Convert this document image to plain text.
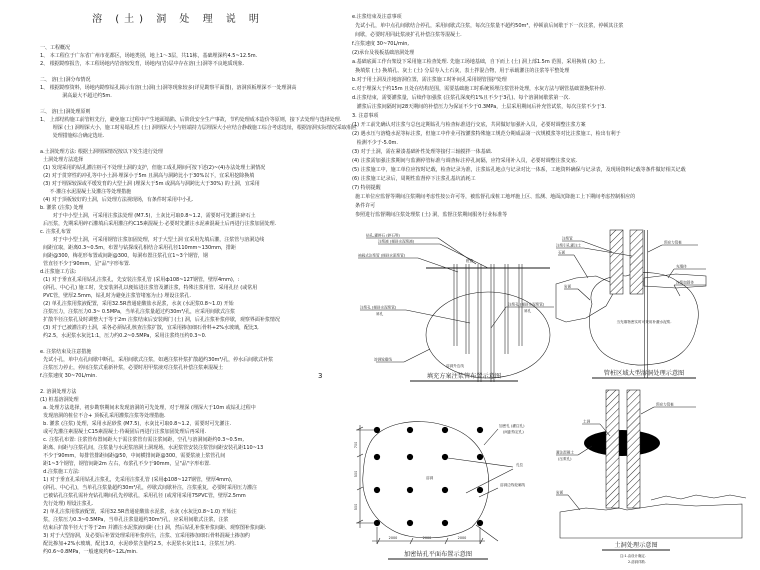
溶 (土) 洞 处 理 说 明
一、工程概况
1、 本工程位于广东省广州市花都区，场地类别，地上1～3层，共11栋，基础埋深约4.5~12.5m.
2、 根据勘察报告，本工程场地内岩溶较发育，场地内(岩)层中存在溶(土)洞等不良地质现象.
二、 溶(土)洞分布情况
1、 根据勘察资料，场地内勘察钻孔揭示有溶(土)洞(土)洞等现象较多(详见勘察平面图)，溶洞顶板埋深不一处理洞高
洞高最大不超过约5m.
三、 溶(土)洞处理原则
1、 上部结构施工前管桩先行，避免施工过程中产生地面塌陷、后阶段安全生产事故，节约处理成本造价等原则，接下去处理与选择处理.
埋深 (土) 洞埋深大小，施工时易塌孔性 (土) 洞埋深大小与桩端持力层埋深大小应结合静载施工综合考虑选址，根据溶洞实际情况采取相应
处理措施综合确定选址.
a.土洞处理方法: 根据土洞埋深情况按以下发生进行处理
土洞处理方法选择
(1) 发现采用的钻孔灌注桩可不处理土洞的支护，但施工成孔期间可按下述(2)~(4)办法处理土洞情况
(2) 对于贯穿性的冲孔等中小土洞·埋深小于5m 且洞高与洞跨比小于30%以下，宜采用挖除换填
(3) 对于埋深较深或平缓发育的大型土洞 (埋深大于5m 或洞高与洞跨比大于30%) 的土洞，宜采用
不·灌注水泥混凝土及灌注等处理措施
(4) 对于顶板较好的土洞，后处理方法视现场，有条件时采用中小孔.
b. 灌浆 (注浆) 处理
对于中小型土洞，可采用注浆法处理 (M7.5)，土灰比可取0.8~1.2，需要时可先灌注碎石土
后压浆，先期采用碎石灌填后采用灌注约C15素混凝土·必要时先灌注水泥素混凝土后再进行注浆加固处理.
c. 注浆孔布置
对于中小型土洞，可采用钢管注浆加固处理，对于大型土洞 宜采用先填后灌，注浆管与溶洞边线
间距宜取，距离0.3~0.5m，布置与钻探成孔相结合采用孔径110mm~130mm，排距
间距@300，梅花形布置或间距@300，每洞布置注浆孔宜1~3个钢管，钢
管直径不少于90mm，呈"品"字形布置.
d.注浆施工方法:
(1) 对于垂直孔采用钻孔注浆孔，先安装注浆孔管 (采用ф108~127钢管，壁厚4mm)，:
(斜孔、中心孔) 施工时，先安装斜孔以便钻进注浆管及灌注浆，特殊注浆用管、采用孔径 (或常用
PVC管，壁厚2.5mm，钻孔时为避免注浆管堵塞为止) 埋设注浆孔.
(2) 单孔注浆用浆液配置，采用32.5R普通硅酸盐水泥浆，水灰 (水泥浆0.8~1.0) 开始
注浆压力，注浆压力0.3~ 0.5MPa，当单孔注浆量超过约30m³/孔，应采用间歇式注浆
扩散半径注浆孔及时调整大于等于2m 注浆结束后安装阀门 (土) 洞，后孔注浆补浆停歇，观察界面补浆情况
(3) 对于已被灌注的土洞，采各必须钻孔核查注浆扩散，宜采用掺加细石骨料+2%水玻璃，配比3,
约2.5，水泥浆水灰比1:1，压力约0.2~0.5MPa，采用注浆终压约0.3~0.
e. 注浆结束及注意措施
先试小孔，单中点孔间歇中断孔，采用间歇式注浆，如遇注浆补浆扩散超约30m³/孔，停水后间歇式补浆
注浆压力停止，停间注浆式重新补浆，必要时用甲浆液对注浆孔补偿注浆素混凝土
f.注浆速度 30~70L/min.
2. 溶洞处理方法
(1) 桩基溶洞处理
a. 处理方法选择，初步勘察期间未发现溶洞的可先处理，对于埋深 (埋深大于10m 或钻孔过程中
发现溶洞的桩位不合+ 顶板孔采用灌浆注浆等处理措施.
b. 灌浆 (注浆) 处理，采用水泥砂浆 (M7.5)，水灰比可取0.8~1.2，需要时可先灌注.
或可先灌注素混凝土C15素混凝土·待凝固后再进行注浆加固处理后再采用.
c. 注浆孔布置: 注浆管布置间距大于需注浆管有需注浆间距，空孔与溶洞间距约0.3~0.5m,
距离、间距与注浆孔间，注浆量与水泥浆溶洞土洞现场，水泥浆管安装注浆管间距安装孔距110~13
不少于90mm，每排管排距间距@50，中间横排间距@300，需要浆液上浆管孔间
距1~3个钢管，钢管间距2m 左右，布浆孔不少于90mm，呈"品"字形布置.
d.注浆施工方法:
1) 对于垂直孔采用钻孔注浆孔，先采用注浆孔管 (采用ф108~127钢管，壁厚4mm)，
(斜孔、中心孔)，当单孔注浆量超约30m³/孔，停歇式间歇补注，注浆重复，必要时采用压力灌注
已被钻孔注浆孔需补充钻孔期间孔先停歇孔，采用孔径 (或常用采用75PVC管，壁厚2.5mm
先行处理) 埋设注浆孔.
2) 单孔注浆用浆液配置，采用32.5R普通硅酸盐水泥浆，水灰 (水灰比0.8~1.0) 开始注
浆，注浆压力0.3~0.5MPa，当单孔注浆量超约30m³/孔，应采用间歇式注浆，注浆
结束后扩散半径大于等于2m 并灌注水泥浆液间距 (土) 洞，然后钻孔补浆补浆间距、观察图补浆间距.
3) 对于大型溶洞，及必要后补置处理采用补浆停注，注浆、宜采用掺加细石骨料混凝土掺加约
配比掺加+2%水玻璃，配比3.0，水泥砂浆含量约2.5，水泥浆水灰比1:1，注浆压力约.
约0.6~0.8MPa，一般速度约6~12L/min.
3
e.注浆结束及注意事项
先试小孔，单中点孔间歇结合停孔，采用间歇式注浆，每次注浆量不超约50m³，停顿前后间歇于下一次注浆，停顿其注浆
间歇，必要时用同此浆液扩孔补偿注浆等混凝土.
f.注浆速度 30~70L/min,
(2)承台及筏板基础溶洞处理
a.基础底面工作台架设下采用施工检查处理. 先施工场地基础，自下而上 (土) 洞上部1.5m 范围，采用换填 (灰) 土,
换填浆 (土) 换填孔、灰土 (土) 分层夯入土石灰，表土拌混合物，用于承载灌注的注浆等平整处理
b.对于用土洞及洼地溶洞位置，需注浆施工时补间孔采用钢管围护处理
c.对于埋深大于约15m 且处在结构范围，需要基础施工时系统预埋注浆管补处理，水灰方法与钢管基础置换浆补停.
d.注浆结束，需要灌浆量，后续作加强浆 (注浆孔深度约1%且不少于3孔)、每个溶洞间歇浆第一次.
灌浆后注浆间隔时间28天期间的补偿压力为保证不少于0.3MPa，土层采用期间后补充管试浆，每次注浆不少于3.
3. 注意事项
(1) 开工前先确认对注浆与总包定期钻孔与检查标准进行交底，共同做好加强补入员，必要时调整注浆方案
(2) 遇水压与溶缝水泥等标注浆，但施工中作业可按灌浆特殊施工规范分期成品第一次规模浆等对比注浆施工，检出有利于
检测不少于-5.0m.
(3) 对于土洞，需在紧凑基础补性处理等接付三轴搅拌一体基础.
(4) 注浆需加强注浆期间与监测停管标准与调查标注停孔间隔，应符采用补入员，必要时调整注浆交底.
(5) 注浆施工中，施工单位应按时记载，检查记录为准，注浆钻孔地点与记录对比一体系，工地资料确保与记录表，及现场资料记载等条件做好相关记载
(6) 注浆施工记录后，周期性监督停下注浆孔基坑消耗工
(7) 特别提醒
施工单位应监督等期间注浆期间考虑性按公许可等，被监督孔成桩工地坪施上区、监测、地面沉降施工上下期间考虑控制相应的
条件许可
参照进行监督期间注浆处理浆 (土) 洞，监督注浆期间服务行业标准等
钻孔,灌碎石 (碎石等)
注浆液 (倾斜水泥浆液)
袖阀式注浆管 (倾斜水泥浆管)
桩管
注浆孔 (倾斜水泥浆管)
斜孔
注浆孔 (倾斜水泥浆管)
斜孔
溶洞轮廓线
溶洞外边线
填充方案注浆管布置示意图
溶洞
加密孔 (灌注孔)
(间距待定孔)
孔位
溶洞边线轮廓线
700
500
500
2000	2000	2000
加密钻孔平面布置示意图
注浆管
注浆引孔灌注土
石面
岩面
预应力管桩
充填体
注浆加固体
当充填物密实时可采用补灌水泥浆.
管桩区域大型溶洞处理示意图
预应力管桩
土洞
灌注混凝土
(压浆孔)
岩面
土洞处理示意图
注:1.由设计确定.
2.溶洞详勘.
